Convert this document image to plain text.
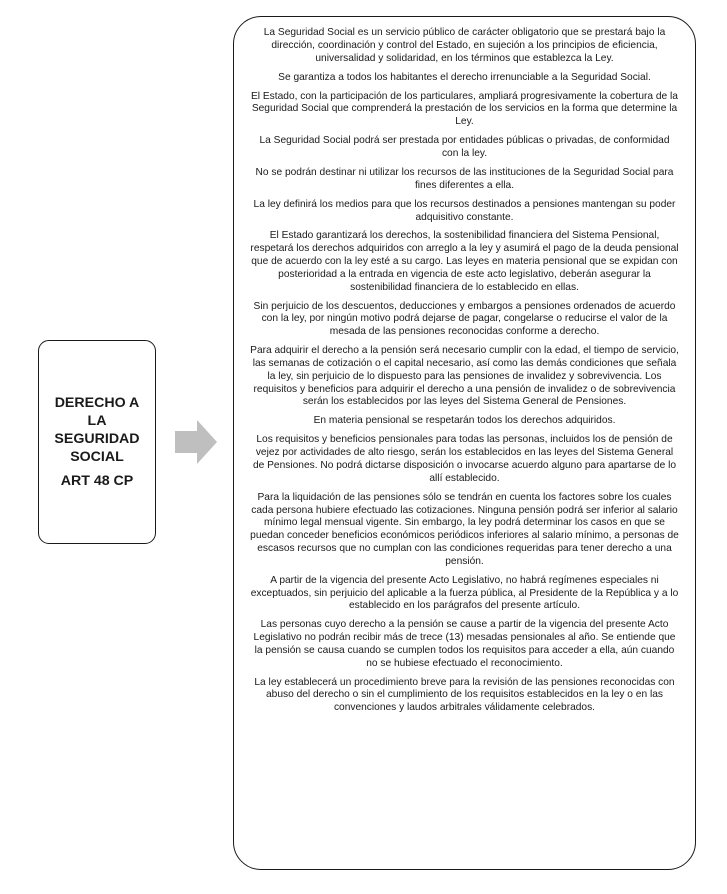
DERECHO A LA SEGURIDAD SOCIAL

ART 48 CP

La Seguridad Social es un servicio público de carácter obligatorio que se prestará bajo la dirección, coordinación y control del Estado, en sujeción a los principios de eficiencia, universalidad y solidaridad, en los términos que establezca la Ley.

Se garantiza a todos los habitantes el derecho irrenunciable a la Seguridad Social.

El Estado, con la participación de los particulares, ampliará progresivamente la cobertura de la Seguridad Social que comprenderá la prestación de los servicios en la forma que determine la Ley.

La Seguridad Social podrá ser prestada por entidades públicas o privadas, de conformidad con la ley.

No se podrán destinar ni utilizar los recursos de las instituciones de la Seguridad Social para fines diferentes a ella.

La ley definirá los medios para que los recursos destinados a pensiones mantengan su poder adquisitivo constante.

El Estado garantizará los derechos, la sostenibilidad financiera del Sistema Pensional, respetará los derechos adquiridos con arreglo a la ley y asumirá el pago de la deuda pensional que de acuerdo con la ley esté a su cargo. Las leyes en materia pensional que se expidan con posterioridad a la entrada en vigencia de este acto legislativo, deberán asegurar la sostenibilidad financiera de lo establecido en ellas.

Sin perjuicio de los descuentos, deducciones y embargos a pensiones ordenados de acuerdo con la ley, por ningún motivo podrá dejarse de pagar, congelarse o reducirse el valor de la mesada de las pensiones reconocidas conforme a derecho.

Para adquirir el derecho a la pensión será necesario cumplir con la edad, el tiempo de servicio, las semanas de cotización o el capital necesario, así como las demás condiciones que señala la ley, sin perjuicio de lo dispuesto para las pensiones de invalidez y sobrevivencia. Los requisitos y beneficios para adquirir el derecho a una pensión de invalidez o de sobrevivencia serán los establecidos por las leyes del Sistema General de Pensiones.

En materia pensional se respetarán todos los derechos adquiridos.

Los requisitos y beneficios pensionales para todas las personas, incluidos los de pensión de vejez por actividades de alto riesgo, serán los establecidos en las leyes del Sistema General de Pensiones. No podrá dictarse disposición o invocarse acuerdo alguno para apartarse de lo allí establecido.

Para la liquidación de las pensiones sólo se tendrán en cuenta los factores sobre los cuales cada persona hubiere efectuado las cotizaciones. Ninguna pensión podrá ser inferior al salario mínimo legal mensual vigente. Sin embargo, la ley podrá determinar los casos en que se puedan conceder beneficios económicos periódicos inferiores al salario mínimo, a personas de escasos recursos que no cumplan con las condiciones requeridas para tener derecho a una pensión.

A partir de la vigencia del presente Acto Legislativo, no habrá regímenes especiales ni exceptuados, sin perjuicio del aplicable a la fuerza pública, al Presidente de la República y a lo establecido en los parágrafos del presente artículo.

Las personas cuyo derecho a la pensión se cause a partir de la vigencia del presente Acto Legislativo no podrán recibir más de trece (13) mesadas pensionales al año. Se entiende que la pensión se causa cuando se cumplen todos los requisitos para acceder a ella, aún cuando no se hubiese efectuado el reconocimiento.

La ley establecerá un procedimiento breve para la revisión de las pensiones reconocidas con abuso del derecho o sin el cumplimiento de los requisitos establecidos en la ley o en las convenciones y laudos arbitrales válidamente celebrados.
